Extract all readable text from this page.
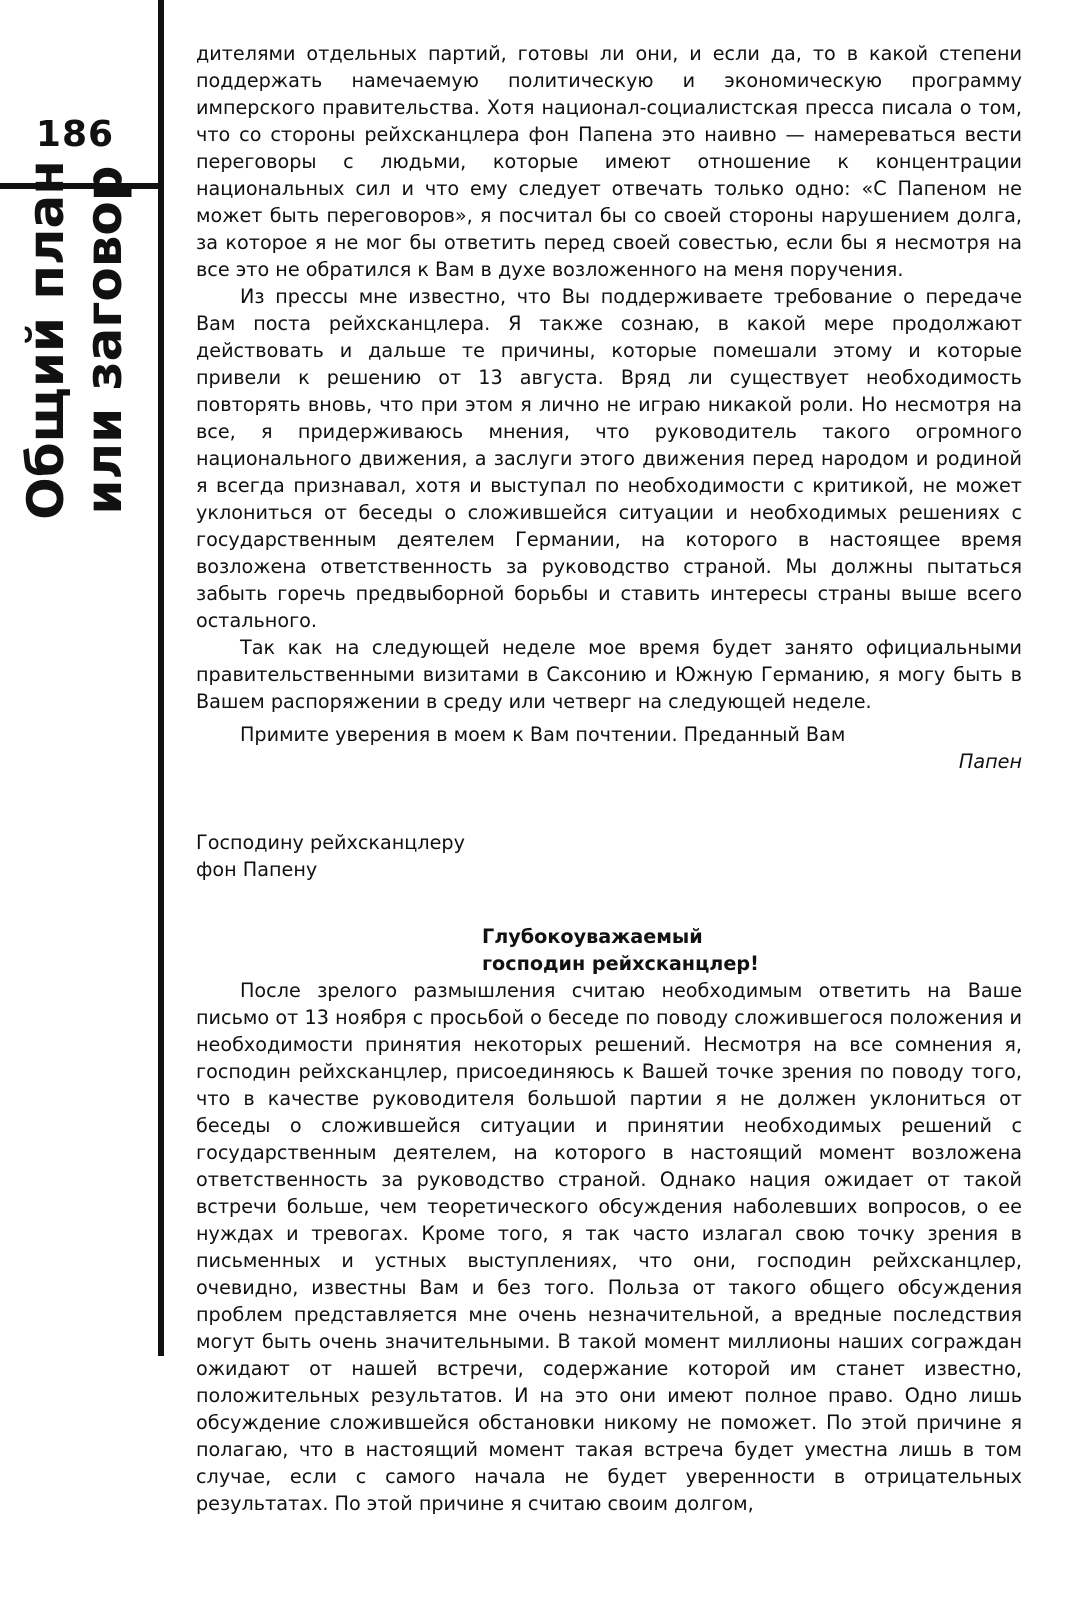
186
Общий план или заговор

дителями отдельных партий, готовы ли они, и если да, то в какой степени поддержать намечаемую политическую и экономическую программу имперского правительства. Хотя национал-социалистская пресса писала о том, что со стороны рейхсканцлера фон Папена это наивно — намереваться вести переговоры с людьми, которые имеют отношение к концентрации национальных сил и что ему следует отвечать только одно: «С Папеном не может быть переговоров», я посчитал бы со своей стороны нарушением долга, за которое я не мог бы ответить перед своей совестью, если бы я несмотря на все это не обратился к Вам в духе возложенного на меня поручения.

Из прессы мне известно, что Вы поддерживаете требование о передаче Вам поста рейхсканцлера. Я также сознаю, в какой мере продолжают действовать и дальше те причины, которые помешали этому и которые привели к решению от 13 августа. Вряд ли существует необходимость повторять вновь, что при этом я лично не играю никакой роли. Но несмотря на все, я придерживаюсь мнения, что руководитель такого огромного национального движения, а заслуги этого движения перед народом и родиной я всегда признавал, хотя и выступал по необходимости с критикой, не может уклониться от беседы о сложившейся ситуации и необходимых решениях с государственным деятелем Германии, на которого в настоящее время возложена ответственность за руководство страной. Мы должны пытаться забыть горечь предвыборной борьбы и ставить интересы страны выше всего остального.

Так как на следующей неделе мое время будет занято официальными правительственными визитами в Саксонию и Южную Германию, я могу быть в Вашем распоряжении в среду или четверг на следующей неделе.

Примите уверения в моем к Вам почтении. Преданный Вам

Папен

Господину рейхсканцлеру

фон Папену

Глубокоуважаемый

господин рейхсканцлер!

После зрелого размышления считаю необходимым ответить на Ваше письмо от 13 ноября с просьбой о беседе по поводу сложившегося положения и необходимости принятия некоторых решений. Несмотря на все сомнения я, господин рейхсканцлер, присоединяюсь к Вашей точке зрения по поводу того, что в качестве руководителя большой партии я не должен уклониться от беседы о сложившейся ситуации и принятии необходимых решений с государственным деятелем, на которого в настоящий момент возложена ответственность за руководство страной. Однако нация ожидает от такой встречи больше, чем теоретического обсуждения наболевших вопросов, о ее нуждах и тревогах. Кроме того, я так часто излагал свою точку зрения в письменных и устных выступлениях, что они, господин рейхсканцлер, очевидно, известны Вам и без того. Польза от такого общего обсуждения проблем представляется мне очень незначительной, а вредные последствия могут быть очень значительными. В такой момент миллионы наших сограждан ожидают от нашей встречи, содержание которой им станет известно, положительных результатов. И на это они имеют полное право. Одно лишь обсуждение сложившейся обстановки никому не поможет. По этой причине я полагаю, что в настоящий момент такая встреча будет уместна лишь в том случае, если с самого начала не будет уверенности в отрицательных результатах. По этой причине я считаю своим долгом,
